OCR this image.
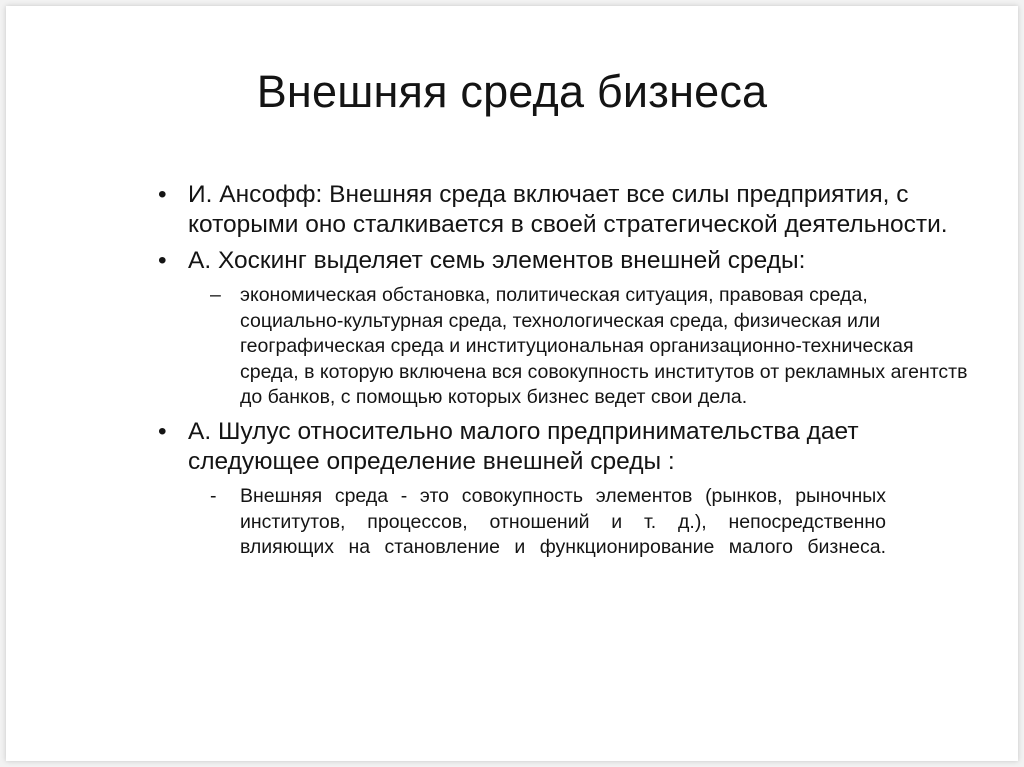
Внешняя среда бизнеса
• И. Ансофф: Внешняя среда включает все силы предприятия, с которыми оно сталкивается в своей стратегической деятельности.
• А. Хоскинг выделяет семь элементов внешней среды:
– экономическая обстановка, политическая ситуация, правовая среда, социально-культурная среда, технологическая среда, физическая или географическая среда и институциональная организационно-техническая среда, в которую включена вся совокупность институтов от рекламных агентств до банков, с помощью которых бизнес ведет свои дела.
• А. Шулус относительно малого предпринимательства дает следующее определение внешней среды :
- Внешняя среда - это совокупность элементов (рынков, рыночных институтов, процессов, отношений и т. д.), непосредственно влияющих на становление и функционирование малого бизнеса.
